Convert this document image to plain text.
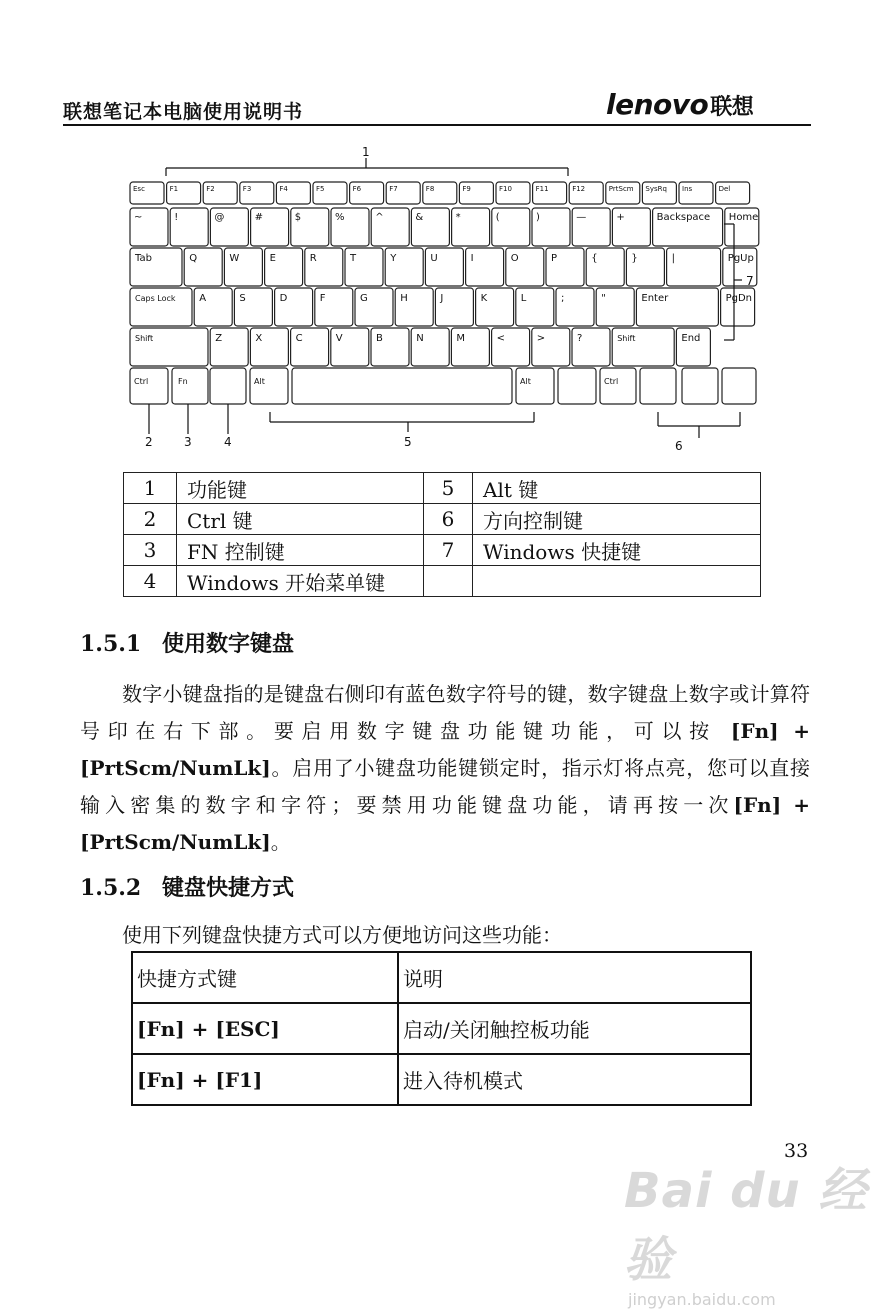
联想笔记本电脑使用说明书	lenovo联想
Esc	F1	F2	F3	F4	F5	F6	F7	F8	F9	F10	F11	F12	PrtScm SysRq Ins	Del
~	!	@	#	$	%	^	&	*	(	)	—	+	Backspace Home
Tab	Q	W	E	R	T	Y	U	I	O	P	{	}	|	PgUp
Caps Lock A	S	D	F	G	H	J	K	L	;	"	Enter	PgDn
Shift	Z	X	C	V	B	N	M	<	>	?	Shift	End
Ctrl	Fn	Alt	Alt	Ctrl
1
7
2	3	4	5	6
1	功能键	5	Alt 键
2	Ctrl 键	6	方向控制键
3	FN 控制键	7	Windows 快捷键
4	Windows 开始菜单键		
1.5.1 使用数字键盘
数字小键盘指的是键盘右侧印有蓝色数字符号的键，数字键盘上数字或计算符号印在右下部。要启用数字键盘功能键功能，可以按 [Fn] +[PrtScm/NumLk]。启用了小键盘功能键锁定时，指示灯将点亮，您可以直接输入密集的数字和字符；要禁用功能键盘功能，请再按一次[Fn] +[PrtScm/NumLk]。
1.5.2 键盘快捷方式
使用下列键盘快捷方式可以方便地访问这些功能：
快捷方式键	说明
[Fn] + [ESC]	启动/关闭触控板功能
[Fn] + [F1]	进入待机模式
33
Bai du 经验
jingyan.baidu.com
